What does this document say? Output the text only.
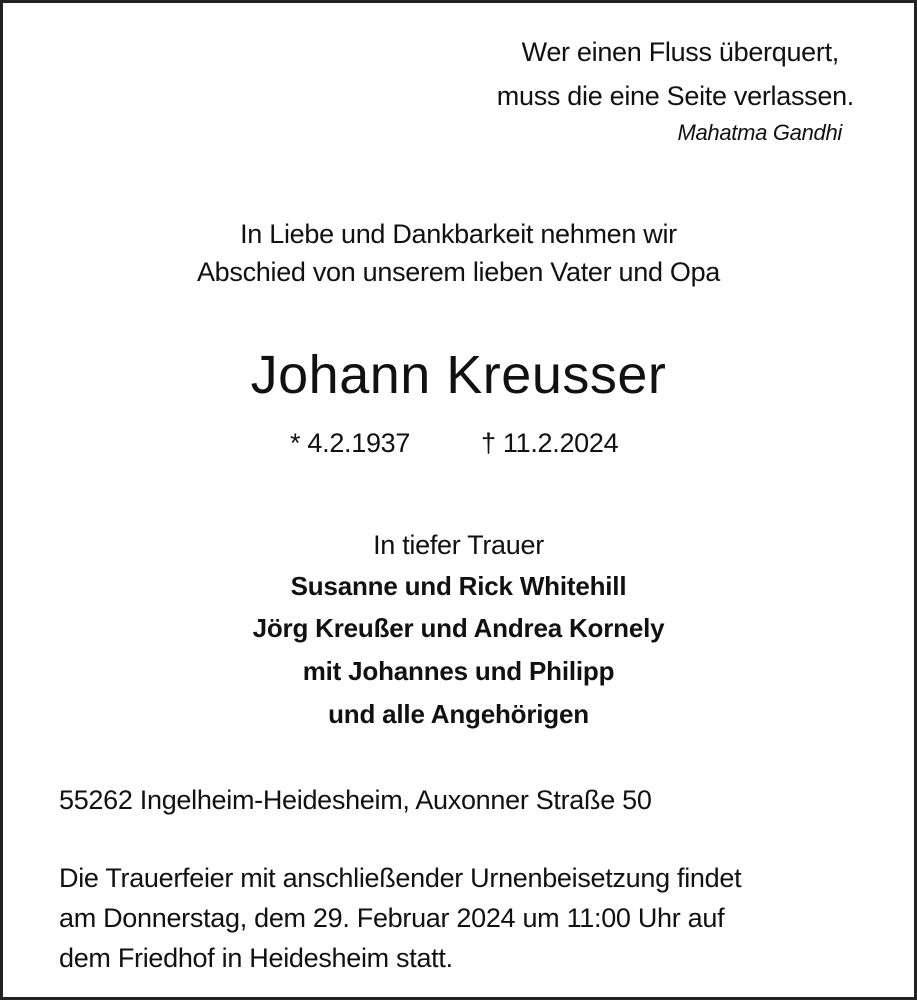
Wer einen Fluss überquert,
muss die eine Seite verlassen.
Mahatma Gandhi
In Liebe und Dankbarkeit nehmen wir
Abschied von unserem lieben Vater und Opa
Johann Kreusser
* 4.2.1937	† 11.2.2024
In tiefer Trauer
Susanne und Rick Whitehill
Jörg Kreußer und Andrea Kornely
mit Johannes und Philipp
und alle Angehörigen
55262 Ingelheim-Heidesheim, Auxonner Straße 50
Die Trauerfeier mit anschließender Urnenbeisetzung findet
am Donnerstag, dem 29. Februar 2024 um 11:00 Uhr auf
dem Friedhof in Heidesheim statt.
